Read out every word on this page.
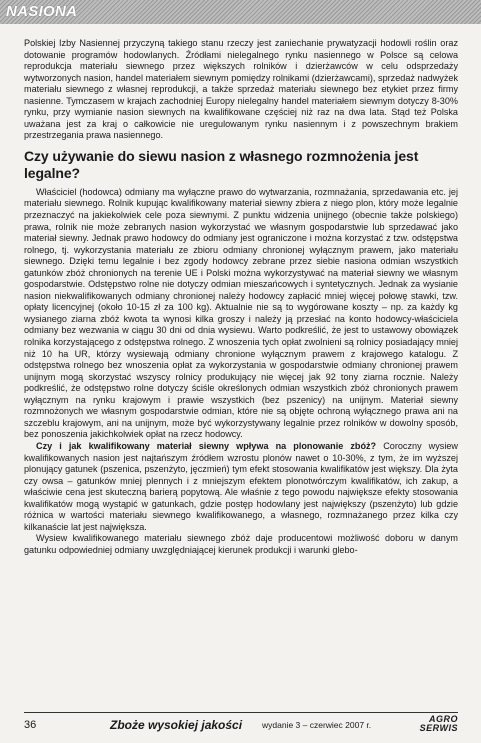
NASIONA

Polskiej Izby Nasiennej przyczyną takiego stanu rzeczy jest zaniechanie prywatyzacji hodowli roślin oraz dotowanie programów hodowlanych. Źródłami nielegalnego rynku nasiennego w Polsce są celowa reprodukcja materiału siewnego przez większych rolników i dzierżawców w celu odsprzedaży wytworzonych nasion, handel materiałem siewnym pomiędzy rolnikami (dzierżawcami), sprzedaż nadwyżek materiału siewnego z własnej reprodukcji, a także sprzedaż materiału siewnego bez etykiet przez firmy nasienne. Tymczasem w krajach zachodniej Europy nielegalny handel materiałem siewnym dotyczy 8-30% rynku, przy wymianie nasion siewnych na kwalifikowane częściej niż raz na dwa lata. Stąd też Polska uważana jest za kraj o całkowicie nie uregulowanym rynku nasiennym i z powszechnym brakiem przestrzegania prawa nasiennego.

Czy używanie do siewu nasion z własnego rozmnożenia jest legalne?

Właściciel (hodowca) odmiany ma wyłączne prawo do wytwarzania, rozmnażania, sprzedawania etc. jej materiału siewnego. Rolnik kupując kwalifikowany materiał siewny zbiera z niego plon, który może legalnie przeznaczyć na jakiekolwiek cele poza siewnymi. Z punktu widzenia unijnego (obecnie także polskiego) prawa, rolnik nie może zebranych nasion wykorzystać we własnym gospodarstwie lub sprzedawać jako materiał siewny. Jednak prawo hodowcy do odmiany jest ograniczone i można korzystać z tzw. odstępstwa rolnego, tj. wykorzystania materiału ze zbioru odmiany chronionej wyłącznym prawem, jako materiału siewnego. Dzięki temu legalnie i bez zgody hodowcy zebrane przez siebie nasiona odmian wszystkich gatunków zbóż chronionych na terenie UE i Polski można wykorzystywać na materiał siewny we własnym gospodarstwie. Odstępstwo rolne nie dotyczy odmian mieszańcowych i syntetycznych. Jednak za wysianie nasion niekwalifikowanych odmiany chronionej należy hodowcy zapłacić mniej więcej połowę stawki, tzw. opłaty licencyjnej (około 10-15 zł za 100 kg). Aktualnie nie są to wygórowane koszty – np. za każdy kg wysianego ziarna zbóż kwota ta wynosi kilka groszy i należy ją przesłać na konto hodowcy-właściciela odmiany bez wezwania w ciągu 30 dni od dnia wysiewu. Warto podkreślić, że jest to ustawowy obowiązek rolnika korzystającego z odstępstwa rolnego. Z wnoszenia tych opłat zwolnieni są rolnicy posiadający mniej niż 10 ha UR, którzy wysiewają odmiany chronione wyłącznym prawem z krajowego katalogu. Z odstępstwa rolnego bez wnoszenia opłat za wykorzystania w gospodarstwie odmiany chronionej prawem unijnym mogą skorzystać wszyscy rolnicy produkujący nie więcej jak 92 tony ziarna rocznie. Należy podkreślić, że odstępstwo rolne dotyczy ściśle określonych odmian wszystkich zbóż chronionych prawem wyłącznym na rynku krajowym i prawie wszystkich (bez pszenicy) na unijnym. Materiał siewny rozmnożonych we własnym gospodarstwie odmian, które nie są objęte ochroną wyłącznego prawa ani na szczeblu krajowym, ani na unijnym, może być wykorzystywany legalnie przez rolników w dowolny sposób, bez ponoszenia jakichkolwiek opłat na rzecz hodowcy.

Czy i jak kwalifikowany materiał siewny wpływa na plonowanie zbóż? Coroczny wysiew kwalifikowanych nasion jest najtańszym źródłem wzrostu plonów nawet o 10-30%, z tym, że im wyższej plonujący gatunek (pszenica, pszenżyto, jęczmień) tym efekt stosowania kwalifikatów jest większy. Dla żyta czy owsa – gatunków mniej plennych i z mniejszym efektem plonotwórczym kwalifikatów, ich zakup, a właściwie cena jest skuteczną barierą popytową. Ale właśnie z tego powodu największe efekty stosowania kwalifikatów mogą wystąpić w gatunkach, gdzie postęp hodowlany jest największy (pszenżyto) lub gdzie różnica w wartości materiału siewnego kwalifikowanego, a własnego, rozmnażanego przez kilka czy kilkanaście lat jest największa.

Wysiew kwalifikowanego materiału siewnego zbóż daje producentowi możliwość doboru w danym gatunku odpowiedniej odmiany uwzględniającej kierunek produkcji i warunki glebo-

36	Zboże wysokiej jakości wydanie 3 – czerwiec 2007 r.
AGRO
SERWIS
